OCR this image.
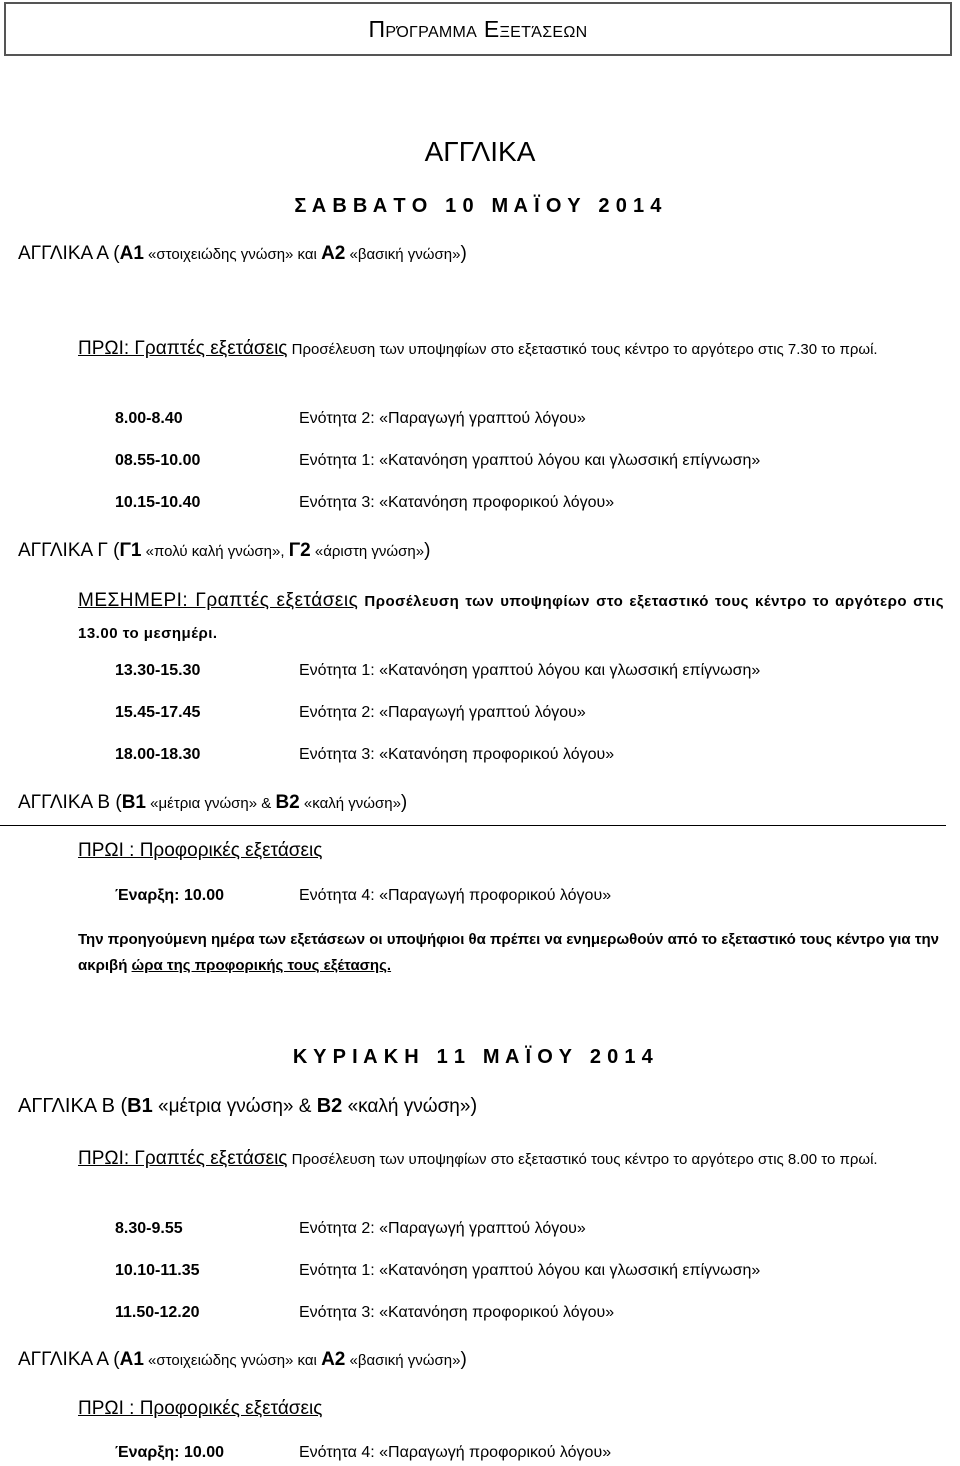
Πρόγραμμα Εξετάσεων
ΑΓΓΛΙΚΑ
Σ Α Β Β Α Τ Ο   1 0   Μ Α Ϊ Ο Υ   2 0 1 4
ΑΓΓΛΙΚΑ Α (Α1 «στοιχειώδης γνώση» και Α2 «βασική γνώση»)
ΠΡΩΙ: Γραπτές εξετάσεις Προσέλευση των υποψηφίων στο εξεταστικό τους κέντρο το αργότερο στις 7.30 το πρωί.
8.00-8.40	Ενότητα 2: «Παραγωγή γραπτού λόγου»
08.55-10.00	Ενότητα 1: «Κατανόηση γραπτού λόγου και γλωσσική επίγνωση»
10.15-10.40	Ενότητα 3: «Κατανόηση προφορικού λόγου»
ΑΓΓΛΙΚΑ Γ (Γ1 «πολύ καλή γνώση», Γ2 «άριστη γνώση»)
ΜΕΣΗΜΕΡΙ: Γραπτές εξετάσεις Προσέλευση των υποψηφίων στο εξεταστικό τους κέντρο το αργότερο στις 13.00 το μεσημέρι.
13.30-15.30	Ενότητα 1: «Κατανόηση γραπτού λόγου και γλωσσική επίγνωση»
15.45-17.45	Ενότητα 2: «Παραγωγή γραπτού λόγου»
18.00-18.30	Ενότητα 3: «Κατανόηση προφορικού λόγου»
ΑΓΓΛΙΚΑ Β (Β1 «μέτρια γνώση» & Β2 «καλή γνώση»)
ΠΡΩΙ : Προφορικές εξετάσεις
Έναρξη: 10.00	Ενότητα 4: «Παραγωγή προφορικού λόγου»
Την προηγούμενη ημέρα των εξετάσεων οι υποψήφιοι θα πρέπει να ενημερωθούν από το εξεταστικό τους κέντρο για την ακριβή ώρα της προφορικής τους εξέτασης.
Κ Υ Ρ Ι Α Κ Η   1 1   Μ Α Ϊ Ο Υ   2 0 1 4
ΑΓΓΛΙΚΑ Β (Β1 «μέτρια γνώση» & Β2 «καλή γνώση»)
ΠΡΩΙ: Γραπτές εξετάσεις Προσέλευση των υποψηφίων στο εξεταστικό τους κέντρο το αργότερο στις 8.00 το πρωί.
8.30-9.55	Ενότητα 2: «Παραγωγή γραπτού λόγου»
10.10-11.35	Ενότητα 1: «Κατανόηση γραπτού λόγου και γλωσσική επίγνωση»
11.50-12.20	Ενότητα 3: «Κατανόηση προφορικού λόγου»
ΑΓΓΛΙΚΑ Α (Α1 «στοιχειώδης γνώση» και Α2 «βασική γνώση»)
ΠΡΩΙ : Προφορικές εξετάσεις
Έναρξη: 10.00	Ενότητα 4: «Παραγωγή προφορικού λόγου»
